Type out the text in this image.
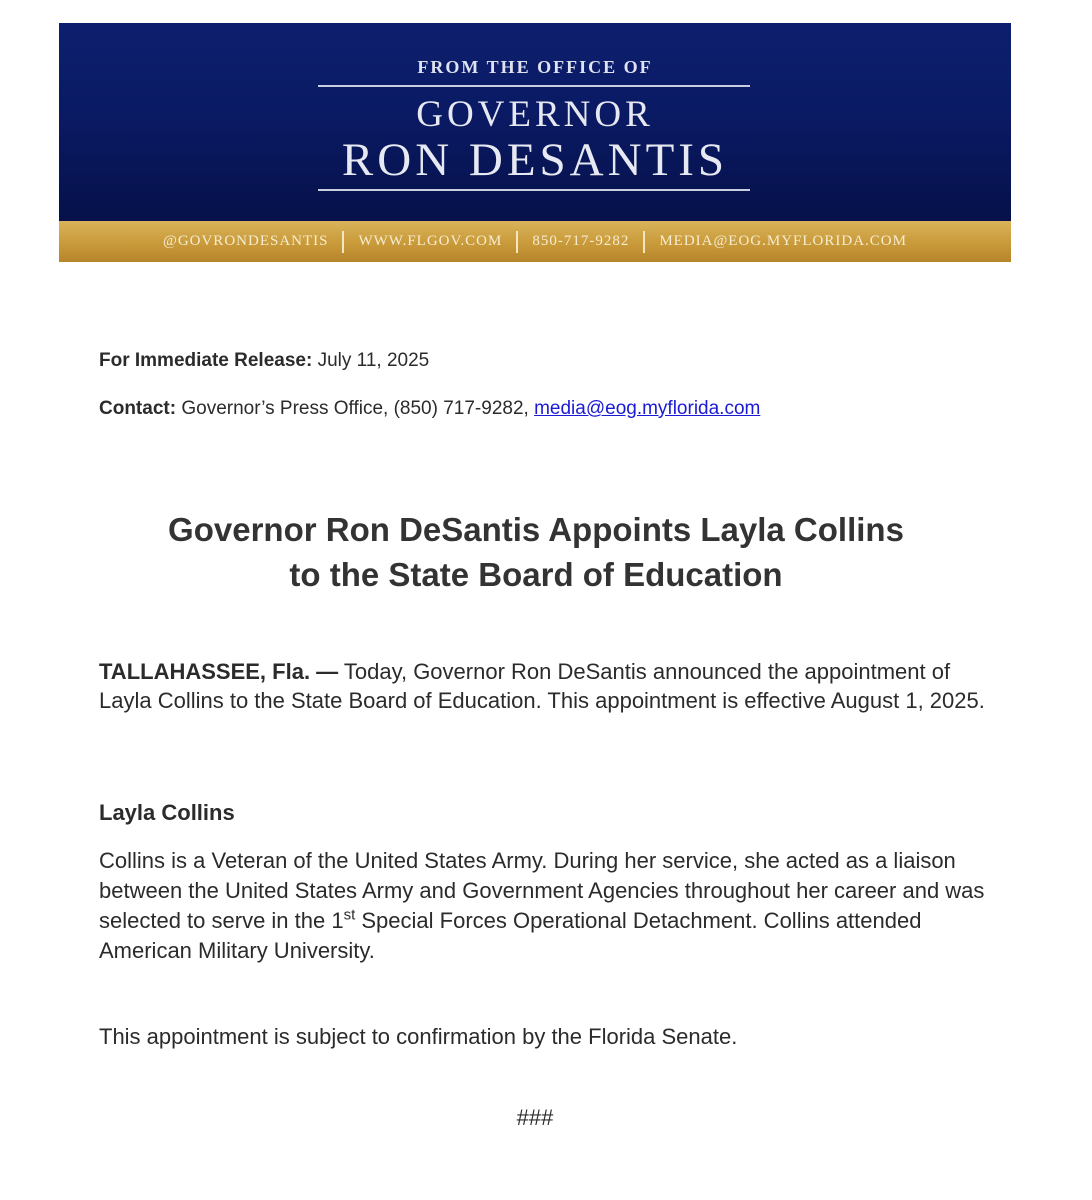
FROM THE OFFICE OF
GOVERNOR
RON DESANTIS
@GOVRONDESANTIS WWW.FLGOV.COM 850-717-9282 MEDIA@EOG.MYFLORIDA.COM
For Immediate Release: July 11, 2025
Contact: Governor’s Press Office, (850) 717-9282, media@eog.myflorida.com
Governor Ron DeSantis Appoints Layla Collins
to the State Board of Education
TALLAHASSEE, Fla. — Today, Governor Ron DeSantis announced the appointment of Layla Collins to the State Board of Education. This appointment is effective August 1, 2025.
Layla Collins
Collins is a Veteran of the United States Army. During her service, she acted as a liaison between the United States Army and Government Agencies throughout her career and was selected to serve in the 1st Special Forces Operational Detachment. Collins attended American Military University.
This appointment is subject to confirmation by the Florida Senate.
###
